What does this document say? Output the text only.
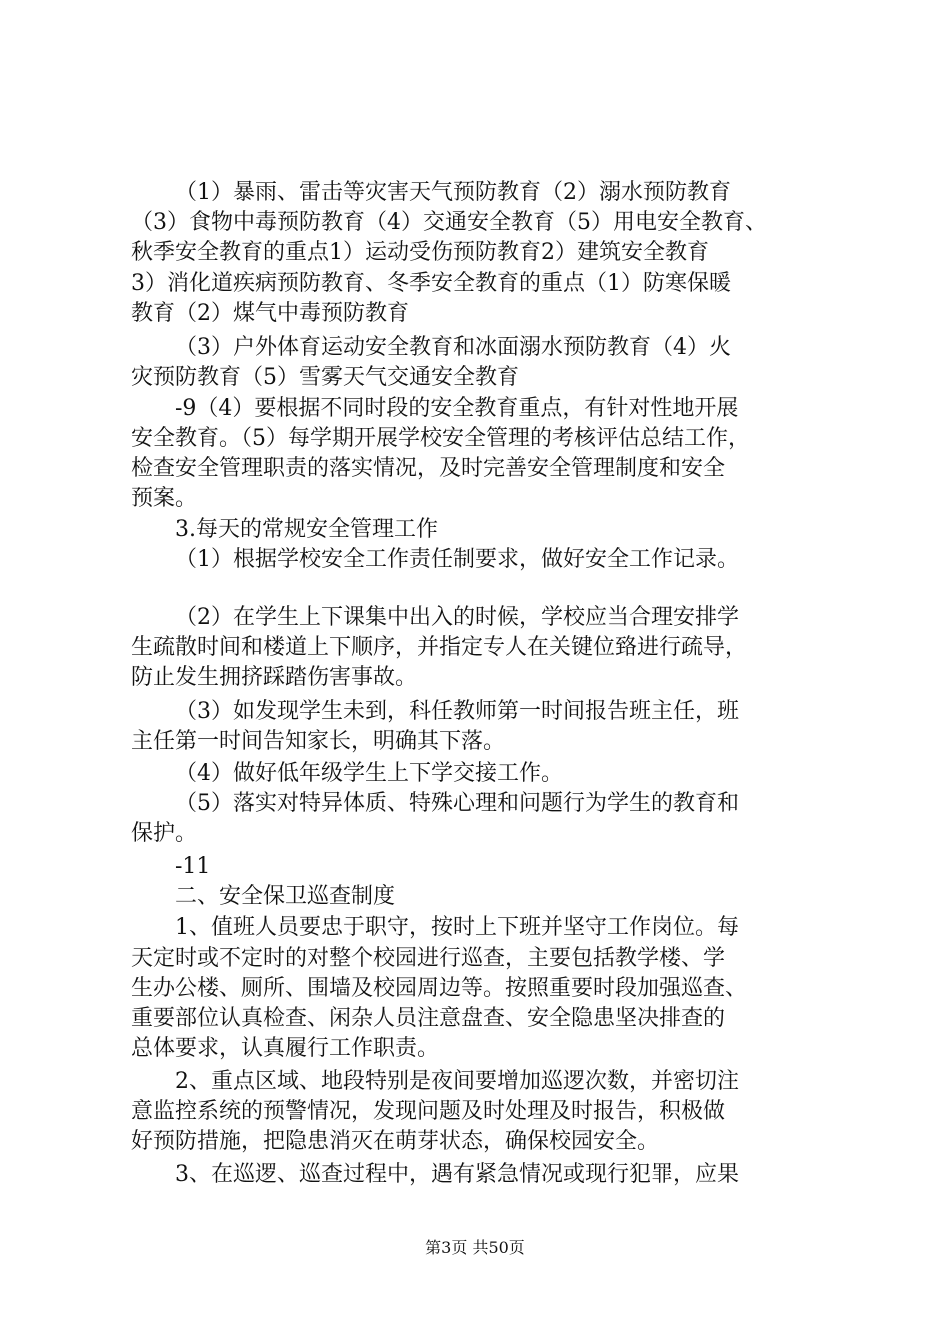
（1）暴雨、雷击等灾害天气预防教育（2）溺水预防教育
（3）食物中毒预防教育（4）交通安全教育（5）用电安全教育、
秋季安全教育的重点1）运动受伤预防教育2）建筑安全教育
3）消化道疾病预防教育、冬季安全教育的重点（1）防寒保暖
教育（2）煤气中毒预防教育
（3）户外体育运动安全教育和冰面溺水预防教育（4）火
灾预防教育（5）雪雾天气交通安全教育
-9（4）要根据不同时段的安全教育重点，有针对性地开展
安全教育。（5）每学期开展学校安全管理的考核评估总结工作，
检查安全管理职责的落实情况，及时完善安全管理制度和安全
预案。
3.每天的常规安全管理工作
（1）根据学校安全工作责任制要求，做好安全工作记录。
（2）在学生上下课集中出入的时候，学校应当合理安排学
生疏散时间和楼道上下顺序，并指定专人在关键位臵进行疏导，
防止发生拥挤踩踏伤害事故。
（3）如发现学生未到，科任教师第一时间报告班主任，班
主任第一时间告知家长，明确其下落。
（4）做好低年级学生上下学交接工作。
（5）落实对特异体质、特殊心理和问题行为学生的教育和
保护。
-11
二、安全保卫巡查制度
1、值班人员要忠于职守，按时上下班并坚守工作岗位。每
天定时或不定时的对整个校园进行巡查，主要包括教学楼、学
生办公楼、厕所、围墙及校园周边等。按照重要时段加强巡查、
重要部位认真检查、闲杂人员注意盘查、安全隐患坚决排查的
总体要求，认真履行工作职责。
2、重点区域、地段特别是夜间要增加巡逻次数，并密切注
意监控系统的预警情况，发现问题及时处理及时报告，积极做
好预防措施，把隐患消灭在萌芽状态，确保校园安全。
3、在巡逻、巡查过程中，遇有紧急情况或现行犯罪，应果
第3页 共50页
